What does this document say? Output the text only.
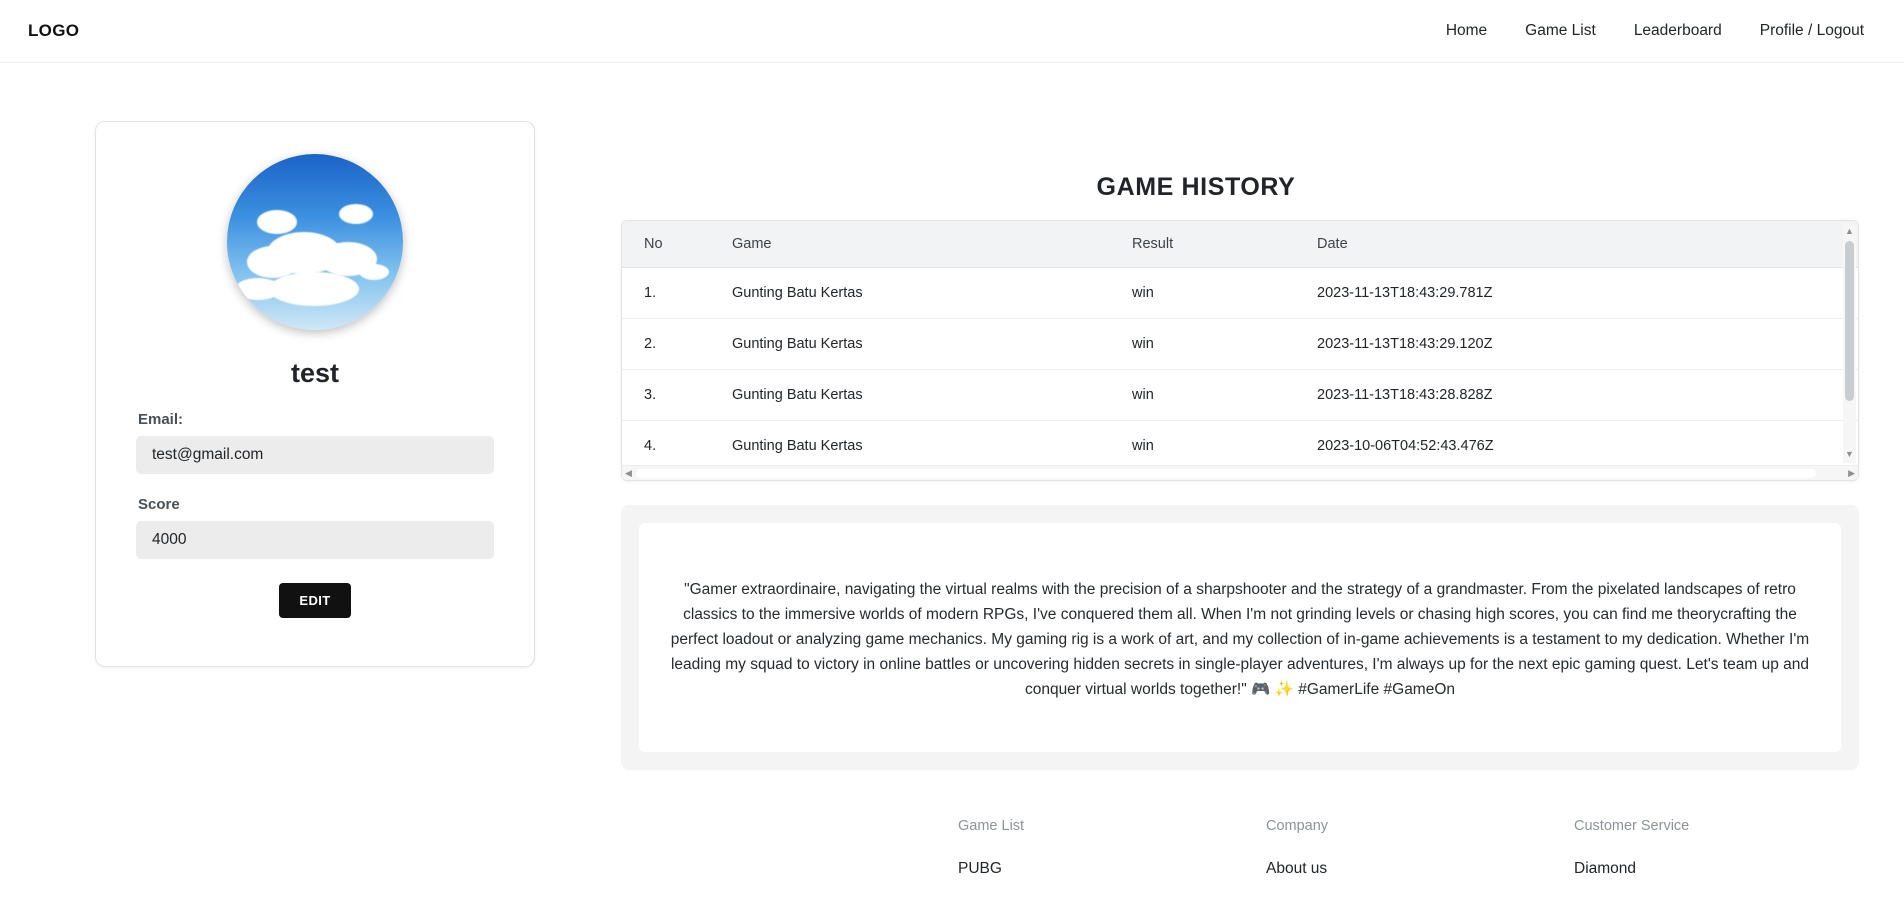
LOGO	Home Game List Leaderboard Profile / Logout
test
Email:
test@gmail.com
Score
4000
EDIT
GAME HISTORY
No	Game	Result	Date
1.	Gunting Batu Kertas	win	2023-11-13T18:43:29.781Z
2.	Gunting Batu Kertas	win	2023-11-13T18:43:29.120Z
3.	Gunting Batu Kertas	win	2023-11-13T18:43:28.828Z
4.	Gunting Batu Kertas	win	2023-10-06T04:52:43.476Z
▲
▼
◀	▶
"Gamer extraordinaire, navigating the virtual realms with the precision of a sharpshooter and the strategy of a grandmaster. From the pixelated landscapes of retro classics to the immersive worlds of modern RPGs, I've conquered them all. When I'm not grinding levels or chasing high scores, you can find me theorycrafting the perfect loadout or analyzing game mechanics. My gaming rig is a work of art, and my collection of in-game achievements is a testament to my dedication. Whether I'm leading my squad to victory in online battles or uncovering hidden secrets in single-player adventures, I'm always up for the next epic gaming quest. Let's team up and conquer virtual worlds together!" 🎮 ✨ #GamerLife #GameOn
Game List
PUBG
Company
About us
Customer Service
Diamond
